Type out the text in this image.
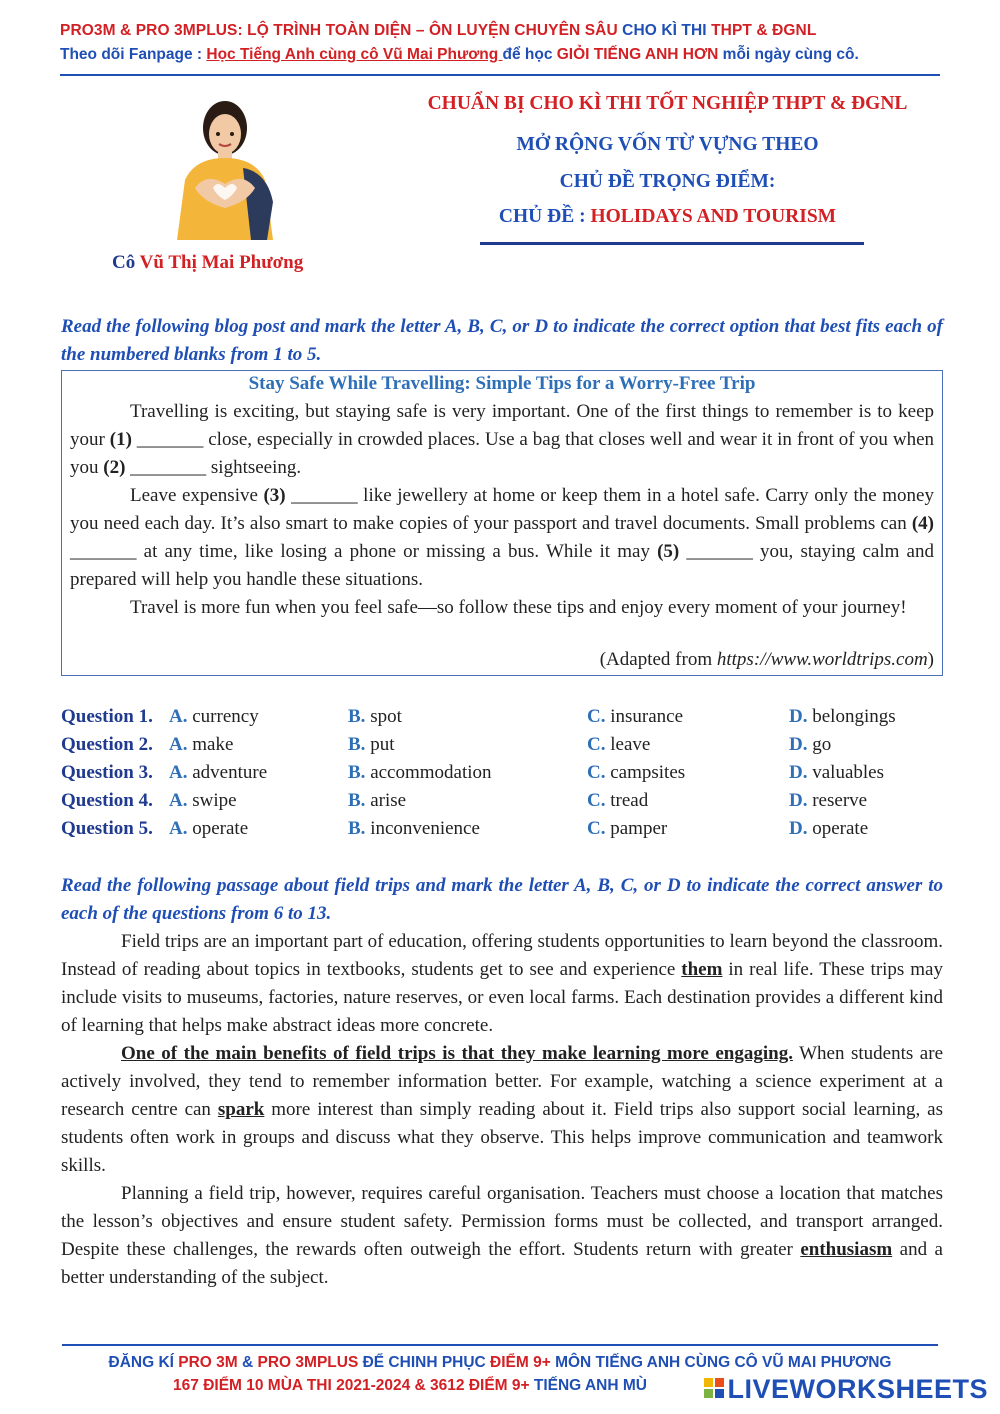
PRO3M & PRO 3MPLUS: LỘ TRÌNH TOÀN DIỆN – ÔN LUYỆN CHUYÊN SÂU CHO KÌ THI THPT & ĐGNL
Theo dõi Fanpage : Học Tiếng Anh cùng cô Vũ Mai Phương để học GIỎI TIẾNG ANH HƠN mỗi ngày cùng cô.
Cô Vũ Thị Mai Phương
CHUẨN BỊ CHO KÌ THI TỐT NGHIỆP THPT & ĐGNL
MỞ RỘNG VỐN TỪ VỰNG THEO
CHỦ ĐỀ TRỌNG ĐIỂM:
CHỦ ĐỀ : HOLIDAYS AND TOURISM
Read the following blog post and mark the letter A, B, C, or D to indicate the correct option that best fits each of the numbered blanks from 1 to 5.
Stay Safe While Travelling: Simple Tips for a Worry-Free Trip

Travelling is exciting, but staying safe is very important. One of the first things to remember is to keep your (1) _______ close, especially in crowded places. Use a bag that closes well and wear it in front of you when you (2) ________ sightseeing.

Leave expensive (3) _______ like jewellery at home or keep them in a hotel safe. Carry only the money you need each day. It’s also smart to make copies of your passport and travel documents. Small problems can (4) _______ at any time, like losing a phone or missing a bus. While it may (5) _______ you, staying calm and prepared will help you handle these situations.

Travel is more fun when you feel safe—so follow these tips and enjoy every moment of your journey!

(Adapted from https://www.worldtrips.com)
Question 1. A. currency	B. spot	C. insurance	D. belongings
Question 2. A. make	B. put	C. leave	D. go
Question 3. A. adventure	B. accommodation	C. campsites	D. valuables
Question 4. A. swipe	B. arise	C. tread	D. reserve
Question 5. A. operate	B. inconvenience	C. pamper	D. operate
Read the following passage about field trips and mark the letter A, B, C, or D to indicate the correct answer to each of the questions from 6 to 13.

Field trips are an important part of education, offering students opportunities to learn beyond the classroom. Instead of reading about topics in textbooks, students get to see and experience them in real life. These trips may include visits to museums, factories, nature reserves, or even local farms. Each destination provides a different kind of learning that helps make abstract ideas more concrete.

One of the main benefits of field trips is that they make learning more engaging. When students are actively involved, they tend to remember information better. For example, watching a science experiment at a research centre can spark more interest than simply reading about it. Field trips also support social learning, as students often work in groups and discuss what they observe. This helps improve communication and teamwork skills.

Planning a field trip, however, requires careful organisation. Teachers must choose a location that matches the lesson’s objectives and ensure student safety. Permission forms must be collected, and transport arranged. Despite these challenges, the rewards often outweigh the effort. Students return with greater enthusiasm and a better understanding of the subject.

ĐĂNG KÍ PRO 3M & PRO 3MPLUS ĐỂ CHINH PHỤC ĐIỂM 9+ MÔN TIẾNG ANH CÙNG CÔ VŨ MAI PHƯƠNG
167 ĐIỂM 10 MÙA THI 2021-2024 & 3612 ĐIỂM 9+ TIẾNG ANH MÙ	LIVEWORKSHEETS
